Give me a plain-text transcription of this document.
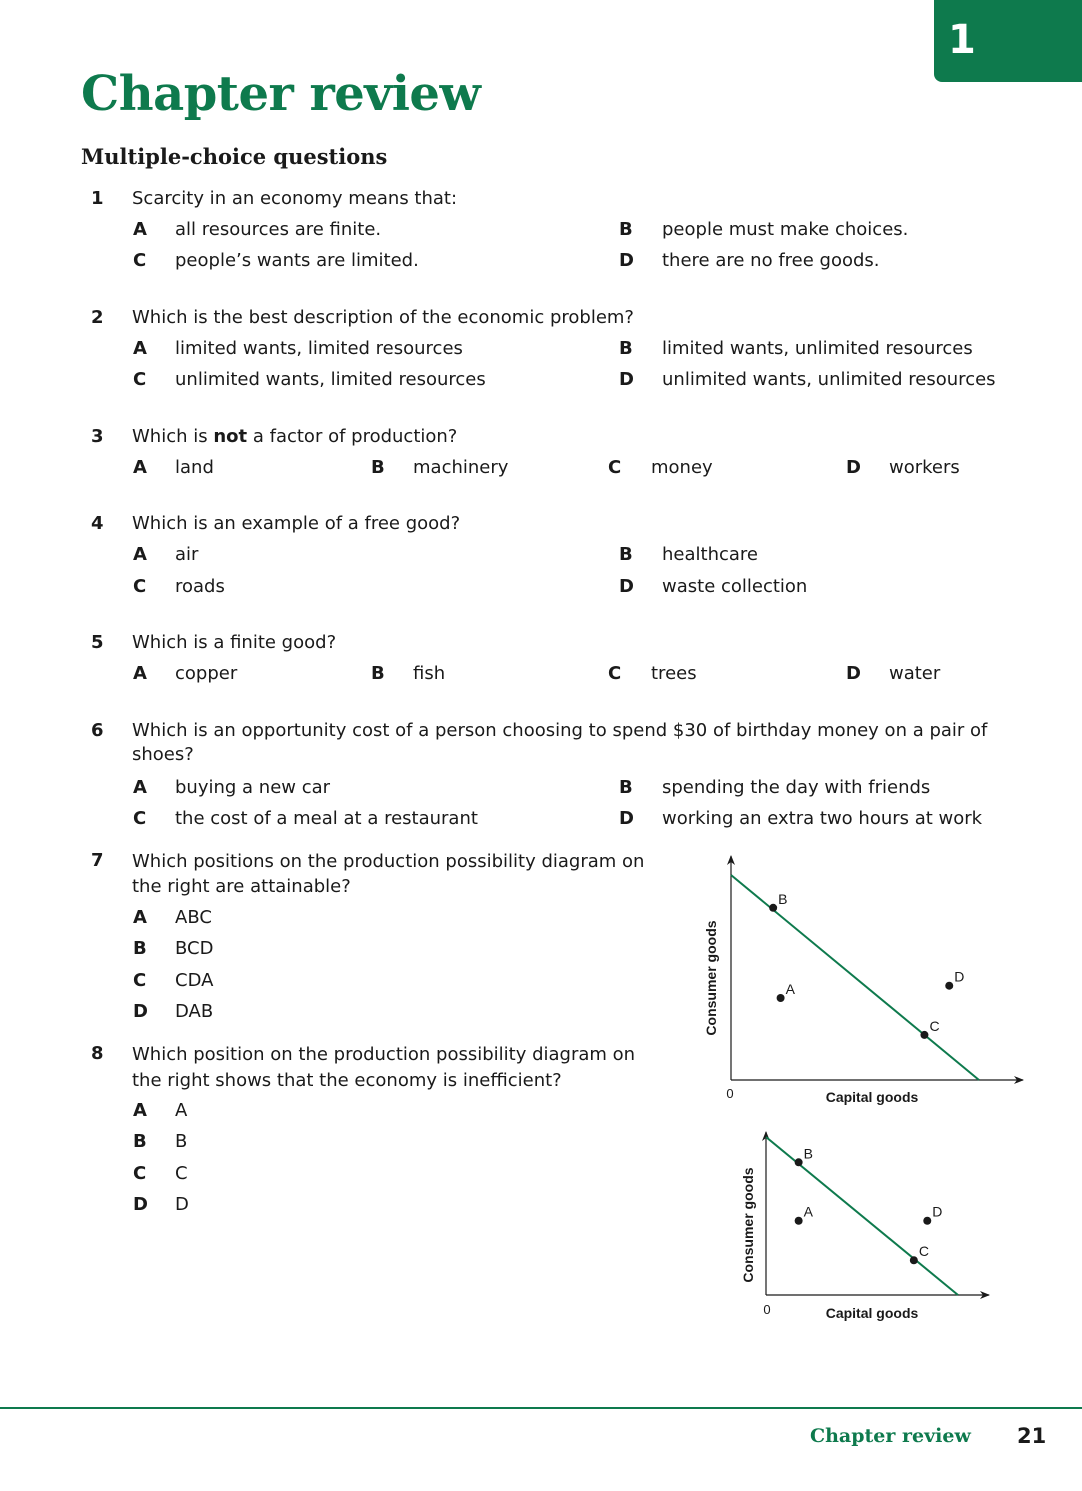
1
Chapter review
Multiple-choice questions
1 Scarcity in an economy means that:
A all resources are finite.	B people must make choices.
C people’s wants are limited.	D there are no free goods.
2 Which is the best description of the economic problem?
A limited wants, limited resources	B limited wants, unlimited resources
C unlimited wants, limited resources	D unlimited wants, unlimited resources
3 Which is not a factor of production?
A land	B machinery	C money	D workers
4 Which is an example of a free good?
A air	B healthcare
C roads	D waste collection
5 Which is a finite good?
A copper	B fish	C trees	D water
6 Which is an opportunity cost of a person choosing to spend $30 of birthday money on a pair of shoes?
A buying a new car	B spending the day with friends
C the cost of a meal at a restaurant	D working an extra two hours at work
7 Which positions on the production possibility diagram on the right are attainable?
A ABC
B BCD
C CDA
D DAB
8 Which position on the production possibility diagram on the right shows that the economy is inefficient?
A A
B B
C C
D D
A
B
C
D
Capital goods
Consumer goods
0
A
B
C
D
Capital goods
Consumer goods
0
Chapter review 21
